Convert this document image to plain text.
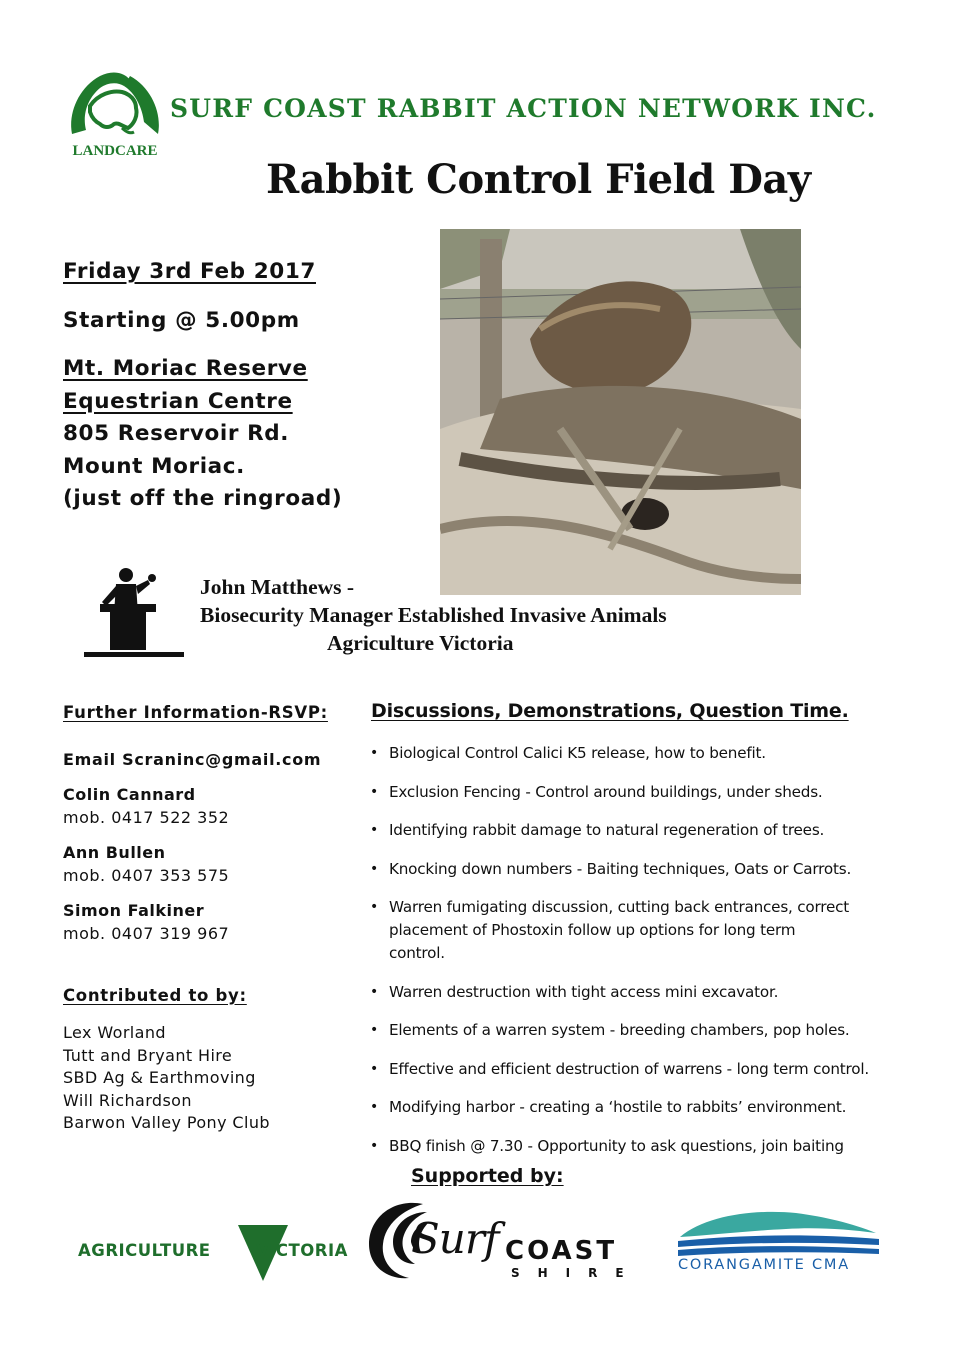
LANDCARE
SURF COAST RABBIT ACTION NETWORK INC.
Rabbit Control Field Day
Friday 3rd Feb 2017
Starting @ 5.00pm
Mt. Moriac Reserve
Equestrian Centre
805 Reservoir Rd.
Mount Moriac.
(just off the ringroad)
John Matthews -
Biosecurity Manager Established Invasive Animals
Agriculture Victoria
Further Information-RSVP:
Email Scraninc@gmail.com
Colin Cannard
mob. 0417 522 352
Ann Bullen
mob. 0407 353 575
Simon Falkiner
mob. 0407 319 967
Contributed to by:
Lex Worland
Tutt and Bryant Hire
SBD Ag & Earthmoving
Will Richardson
Barwon Valley Pony Club
Discussions, Demonstrations, Question Time.
• Biological Control Calici K5 release, how to benefit.
• Exclusion Fencing - Control around buildings, under sheds.
• Identifying rabbit damage to natural regeneration of trees.
• Knocking down numbers - Baiting techniques, Oats or Carrots.
• Warren fumigating discussion, cutting back entrances, correct placement of Phostoxin follow up options for long term control.
• Warren destruction with tight access mini excavator.
• Elements of a warren system - breeding chambers, pop holes.
• Effective and efficient destruction of warrens - long term control.
• Modifying harbor - creating a ‘hostile to rabbits’ environment.
• BBQ finish @ 7.30 - Opportunity to ask questions, join baiting
Supported by:
AGRICULTURE	VICTORIA Surf COAST
SHIRE	CORANGAMITE CMA
